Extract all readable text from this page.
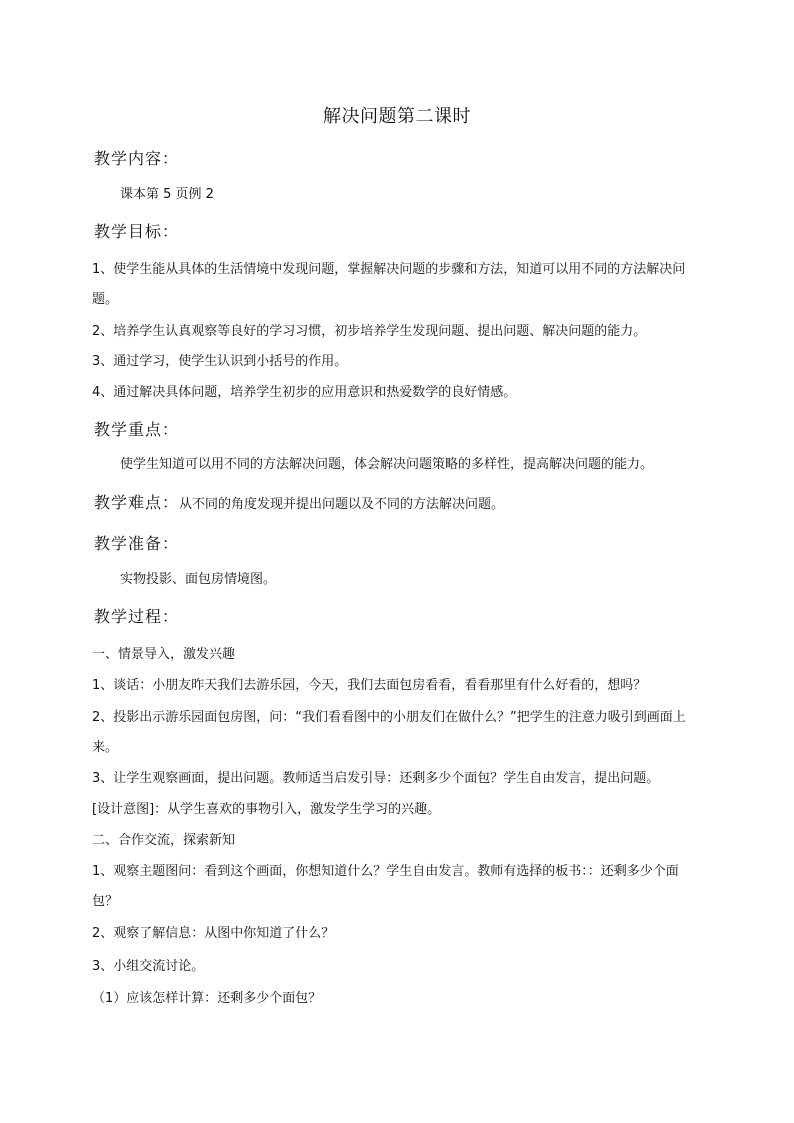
解决问题第二课时
教学内容：
课本第 5 页例 2
教学目标：
1、使学生能从具体的生活情境中发现问题，掌握解决问题的步骤和方法，知道可以用不同的方法解决问题。
2、培养学生认真观察等良好的学习习惯，初步培养学生发现问题、提出问题、解决问题的能力。
3、通过学习，使学生认识到小括号的作用。
4、通过解决具体问题，培养学生初步的应用意识和热爱数学的良好情感。
教学重点：
使学生知道可以用不同的方法解决问题，体会解决问题策略的多样性，提高解决问题的能力。
教学难点：从不同的角度发现并提出问题以及不同的方法解决问题。
教学准备：
实物投影、面包房情境图。
教学过程：
一、情景导入，激发兴趣
1、谈话：小朋友昨天我们去游乐园，今天，我们去面包房看看，看看那里有什么好看的，想吗？
2、投影出示游乐园面包房图，问：“我们看看图中的小朋友们在做什么？”把学生的注意力吸引到画面上来。
3、让学生观察画面，提出问题。教师适当启发引导：还剩多少个面包？学生自由发言，提出问题。
[设计意图]：从学生喜欢的事物引入，激发学生学习的兴趣。
二、合作交流，探索新知
1、观察主题图问：看到这个画面，你想知道什么？学生自由发言。教师有选择的板书：：还剩多少个面包？
2、观察了解信息：从图中你知道了什么？
3、小组交流讨论。
（1）应该怎样计算：还剩多少个面包？
